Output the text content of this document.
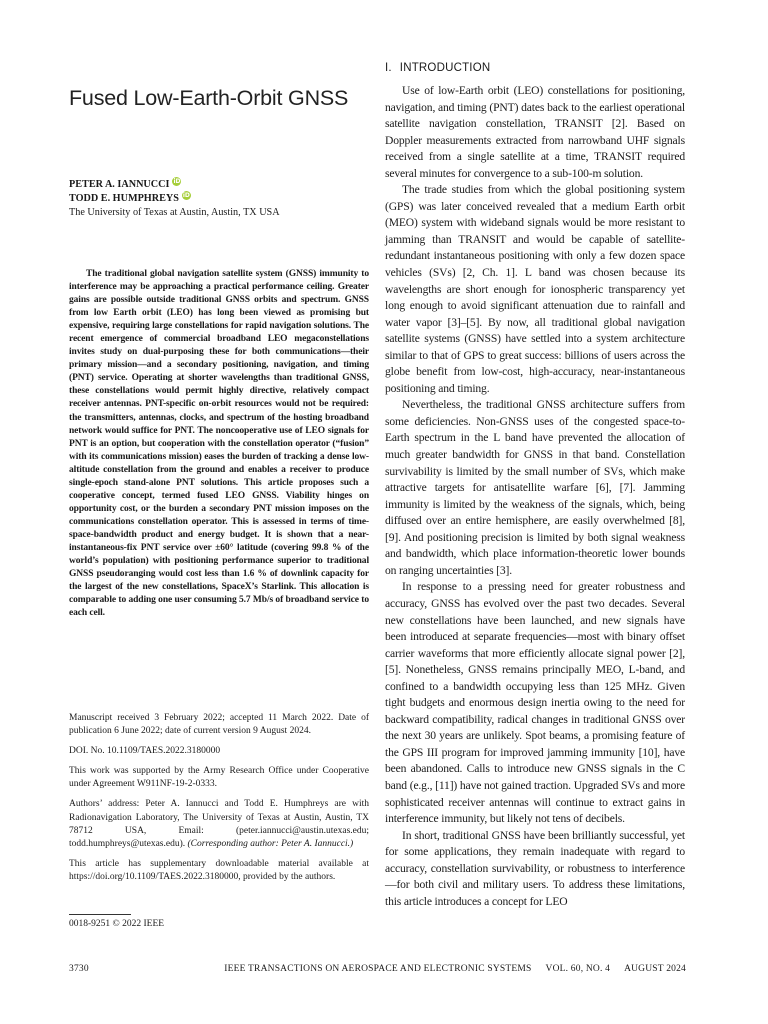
Fused Low-Earth-Orbit GNSS
PETER A. IANNUCCI iD
TODD E. HUMPHREYS iD
The University of Texas at Austin, Austin, TX USA

The traditional global navigation satellite system (GNSS) immunity to interference may be approaching a practical performance ceiling. Greater gains are possible outside traditional GNSS orbits and spectrum. GNSS from low Earth orbit (LEO) has long been viewed as promising but expensive, requiring large constellations for rapid navigation solutions. The recent emergence of commercial broadband LEO megaconstellations invites study on dual-purposing these for both communications—their primary mission—and a secondary positioning, navigation, and timing (PNT) service. Operating at shorter wavelengths than traditional GNSS, these constellations would permit highly directive, relatively compact receiver antennas. PNT-specific on-orbit resources would not be required: the transmitters, antennas, clocks, and spectrum of the hosting broadband network would suffice for PNT. The noncooperative use of LEO signals for PNT is an option, but cooperation with the constellation operator (“fusion” with its communications mission) eases the burden of tracking a dense low-altitude constellation from the ground and enables a receiver to produce single-epoch stand-alone PNT solutions. This article proposes such a cooperative concept, termed fused LEO GNSS. Viability hinges on opportunity cost, or the burden a secondary PNT mission imposes on the communications constellation operator. This is assessed in terms of time-space-bandwidth product and energy budget. It is shown that a near-instantaneous-fix PNT service over ±60° latitude (covering 99.8 % of the world’s population) with positioning performance superior to traditional GNSS pseudoranging would cost less than 1.6 % of downlink capacity for the largest of the new constellations, SpaceX’s Starlink. This allocation is comparable to adding one user consuming 5.7 Mb/s of broadband service to each cell.

Manuscript received 3 February 2022; accepted 11 March 2022. Date of publication 6 June 2022; date of current version 9 August 2024.

DOI. No. 10.1109/TAES.2022.3180000

This work was supported by the Army Research Office under Cooperative under Agreement W911NF-19-2-0333.

Authors’ address: Peter A. Iannucci and Todd E. Humphreys are with Radionavigation Laboratory, The University of Texas at Austin, Austin, TX 78712 USA, Email: (peter.iannucci@austin.utexas.edu; todd.humphreys@utexas.edu). (Corresponding author: Peter A. Iannucci.)

This article has supplementary downloadable material available at https://doi.org/10.1109/TAES.2022.3180000, provided by the authors.

0018-9251 © 2022 IEEE
I. INTRODUCTION

Use of low-Earth orbit (LEO) constellations for positioning, navigation, and timing (PNT) dates back to the earliest operational satellite navigation constellation, TRANSIT [2]. Based on Doppler measurements extracted from narrowband UHF signals received from a single satellite at a time, TRANSIT required several minutes for convergence to a sub-100-m solution.

The trade studies from which the global positioning system (GPS) was later conceived revealed that a medium Earth orbit (MEO) system with wideband signals would be more resistant to jamming than TRANSIT and would be capable of satellite-redundant instantaneous positioning with only a few dozen space vehicles (SVs) [2, Ch. 1]. L band was chosen because its wavelengths are short enough for ionospheric transparency yet long enough to avoid significant attenuation due to rainfall and water vapor [3]–[5]. By now, all traditional global navigation satellite systems (GNSS) have settled into a system architecture similar to that of GPS to great success: billions of users across the globe benefit from low-cost, high-accuracy, near-instantaneous positioning and timing.

Nevertheless, the traditional GNSS architecture suffers from some deficiencies. Non-GNSS uses of the congested space-to-Earth spectrum in the L band have prevented the allocation of much greater bandwidth for GNSS in that band. Constellation survivability is limited by the small number of SVs, which make attractive targets for antisatellite warfare [6], [7]. Jamming immunity is limited by the weakness of the signals, which, being diffused over an entire hemisphere, are easily overwhelmed [8], [9]. And positioning precision is limited by both signal weakness and bandwidth, which place information-theoretic lower bounds on ranging uncertainties [3].

In response to a pressing need for greater robustness and accuracy, GNSS has evolved over the past two decades. Several new constellations have been launched, and new signals have been introduced at separate frequencies—most with binary offset carrier waveforms that more efficiently allocate signal power [2], [5]. Nonetheless, GNSS remains principally MEO, L-band, and confined to a bandwidth occupying less than 125 MHz. Given tight budgets and enormous design inertia owing to the need for backward compatibility, radical changes in traditional GNSS over the next 30 years are unlikely. Spot beams, a promising feature of the GPS III program for improved jamming immunity [10], have been abandoned. Calls to introduce new GNSS signals in the C band (e.g., [11]) have not gained traction. Upgraded SVs and more sophisticated receiver antennas will continue to extract gains in interference immunity, but likely not tens of decibels.

In short, traditional GNSS have been brilliantly successful, yet for some applications, they remain inadequate with regard to accuracy, constellation survivability, or robustness to interference—for both civil and military users. To address these limitations, this article introduces a concept for LEO

3730	IEEE TRANSACTIONS ON AEROSPACE AND ELECTRONIC SYSTEMS VOL. 60, NO. 4 AUGUST 2024
